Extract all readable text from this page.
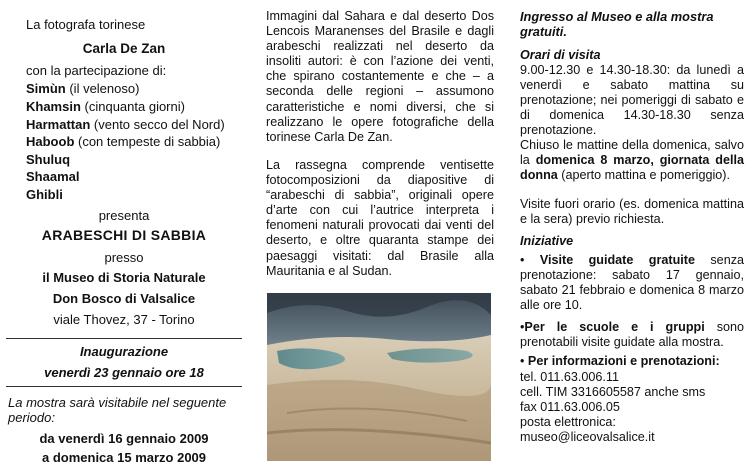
La fotografa torinese
Carla De Zan
con la partecipazione di:
Simùn (il velenoso)
Khamsin (cinquanta giorni)
Harmattan (vento secco del Nord)
Haboob (con tempeste di sabbia)
Shuluq
Shaamal
Ghibli
presenta
ARABESCHI DI SABBIA
presso
il Museo di Storia Naturale
Don Bosco di Valsalice
viale Thovez, 37 - Torino
Inaugurazione
venerdì 23 gennaio ore 18
La mostra sarà visitabile nel seguente
periodo:
da venerdì 16 gennaio 2009
a domenica 15 marzo 2009
Immagini dal Sahara e dal deserto Dos Lencois Maranenses del Brasile e dagli arabeschi realizzati nel deserto da insoliti autori: è con l’azione dei venti, che spirano costantemente e che – a seconda delle regioni – assumono caratteristiche e nomi diversi, che si realizzano le opere fotografiche della torinese Carla De Zan.
La rassegna comprende ventisette fotocomposizioni da diapositive di “arabeschi di sabbia”, originali opere d’arte con cui l’autrice interpreta i fenomeni naturali provocati dai venti del deserto, e oltre quaranta stampe dei paesaggi visitati: dal Brasile alla Mauritania e al Sudan.
Ingresso al Museo e alla mostra gratuiti.
Orari di visita
9.00-12.30 e 14.30-18.30: da lunedì a venerdì e sabato mattina su prenotazione; nei pomeriggi di sabato e di domenica 14.30-18.30 senza prenotazione.
Chiuso le mattine della domenica, salvo la domenica 8 marzo, giornata della donna (aperto mattina e pomeriggio).
Visite fuori orario (es. domenica mattina e la sera) previo richiesta.
Iniziative
• Visite guidate gratuite senza prenotazione: sabato 17 gennaio, sabato 21 febbraio e domenica 8 marzo alle ore 10.
•Per le scuole e i gruppi sono prenotabili visite guidate alla mostra.
• Per informazioni e prenotazioni:
tel. 011.63.006.11
cell. TIM 3316605587 anche sms
fax 011.63.006.05
posta elettronica:
museo@liceovalsalice.it
